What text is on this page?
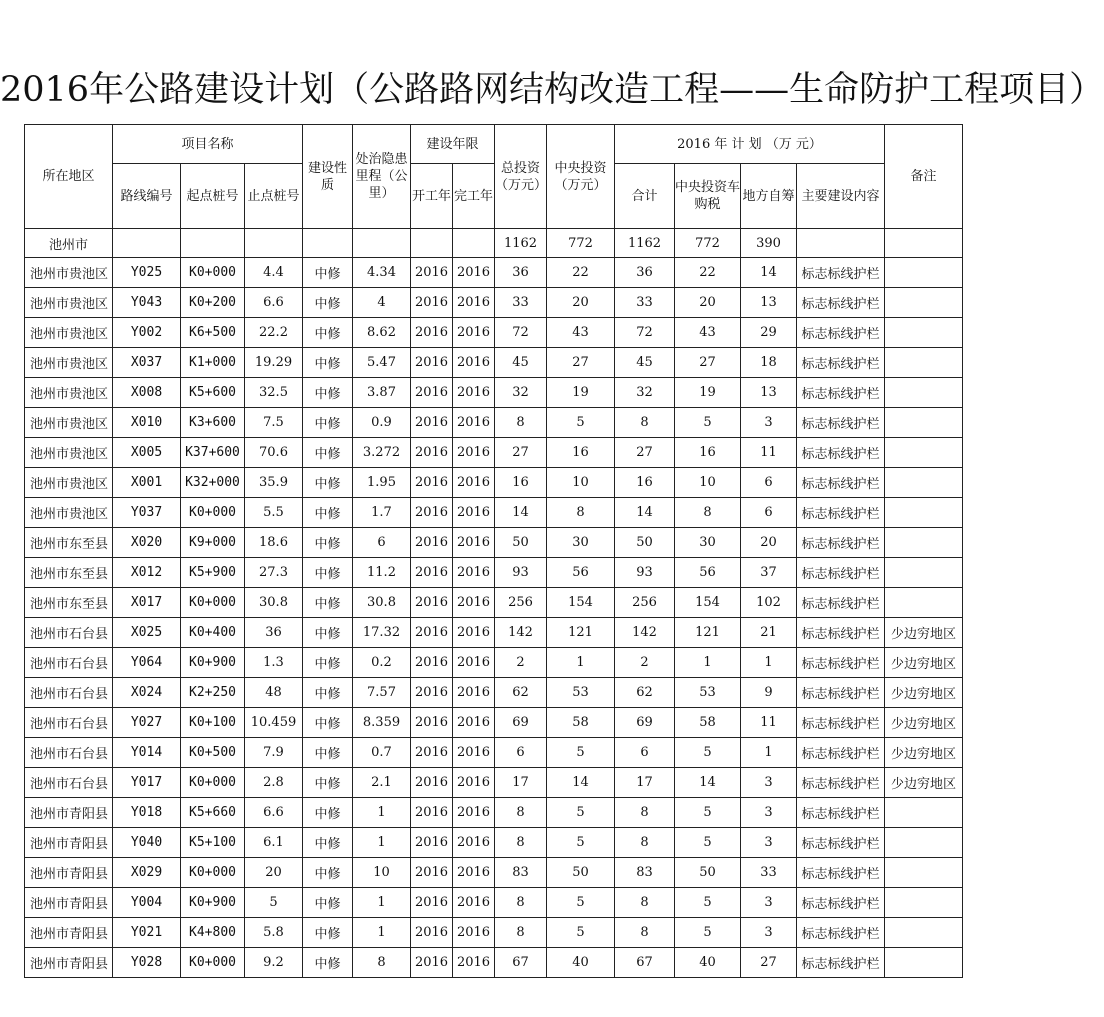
2016年公路建设计划（公路路网结构改造工程——生命防护工程项目）
所在地区	项目名称			建设性质	处治隐患里程（公里）	建设年限		总投资（万元）	中央投资（万元）	2016 年 计 划 （万 元）				备注
	路线编号	起点桩号	止点桩号			开工年	完工年			合计	中央投资车购税	地方自筹	主要建设内容	
池州市								1162	772	1162	772	390		

池州市 贵池区	Y025	K0+000	4.4	中修	4.34	2016	2016	36	22	36	22	14	标志标线护栏	

池州市 贵池区	Y043	K0+200	6.6	中修	4	2016	2016	33	20	33	20	13	标志标线护栏	

池州市 贵池区	Y002	K6+500	22.2	中修	8.62	2016	2016	72	43	72	43	29	标志标线护栏	

池州市 贵池区	X037	K1+000	19.29	中修	5.47	2016	2016	45	27	45	27	18	标志标线护栏	

池州市 贵池区	X008	K5+600	32.5	中修	3.87	2016	2016	32	19	32	19	13	标志标线护栏	

池州市 贵池区	X010	K3+600	7.5	中修	0.9	2016	2016	8	5	8	5	3	标志标线护栏	

池州市 贵池区	X005	K37+600	70.6	中修	3.272	2016	2016	27	16	27	16	11	标志标线护栏	

池州市 贵池区	X001	K32+000	35.9	中修	1.95	2016	2016	16	10	16	10	6	标志标线护栏	

池州市 贵池区	Y037	K0+000	5.5	中修	1.7	2016	2016	14	8	14	8	6	标志标线护栏	

池州市 东至县	X020	K9+000	18.6	中修	6	2016	2016	50	30	50	30	20	标志标线护栏	

池州市 东至县	X012	K5+900	27.3	中修	11.2	2016	2016	93	56	93	56	37	标志标线护栏	

池州市 东至县	X017	K0+000	30.8	中修	30.8	2016	2016	256	154	256	154	102	标志标线护栏	

池州市 石台县	X025	K0+400	36	中修	17.32	2016	2016	142	121	142	121	21	标志标线护栏	少边穷地区

池州市 石台县	Y064	K0+900	1.3	中修	0.2	2016	2016	2	1	2	1	1	标志标线护栏	少边穷地区

池州市 石台县	X024	K2+250	48	中修	7.57	2016	2016	62	53	62	53	9	标志标线护栏	少边穷地区

池州市 石台县	Y027	K0+100	10.459	中修	8.359	2016	2016	69	58	69	58	11	标志标线护栏	少边穷地区

池州市 石台县	Y014	K0+500	7.9	中修	0.7	2016	2016	6	5	6	5	1	标志标线护栏	少边穷地区

池州市 石台县	Y017	K0+000	2.8	中修	2.1	2016	2016	17	14	17	14	3	标志标线护栏	少边穷地区

池州市 青阳县	Y018	K5+660	6.6	中修	1	2016	2016	8	5	8	5	3	标志标线护栏	

池州市 青阳县	Y040	K5+100	6.1	中修	1	2016	2016	8	5	8	5	3	标志标线护栏	

池州市 青阳县	X029	K0+000	20	中修	10	2016	2016	83	50	83	50	33	标志标线护栏	

池州市 青阳县	Y004	K0+900	5	中修	1	2016	2016	8	5	8	5	3	标志标线护栏	

池州市 青阳县	Y021	K4+800	5.8	中修	1	2016	2016	8	5	8	5	3	标志标线护栏	

池州市 青阳县	Y028	K0+000	9.2	中修	8	2016	2016	67	40	67	40	27	标志标线护栏	
